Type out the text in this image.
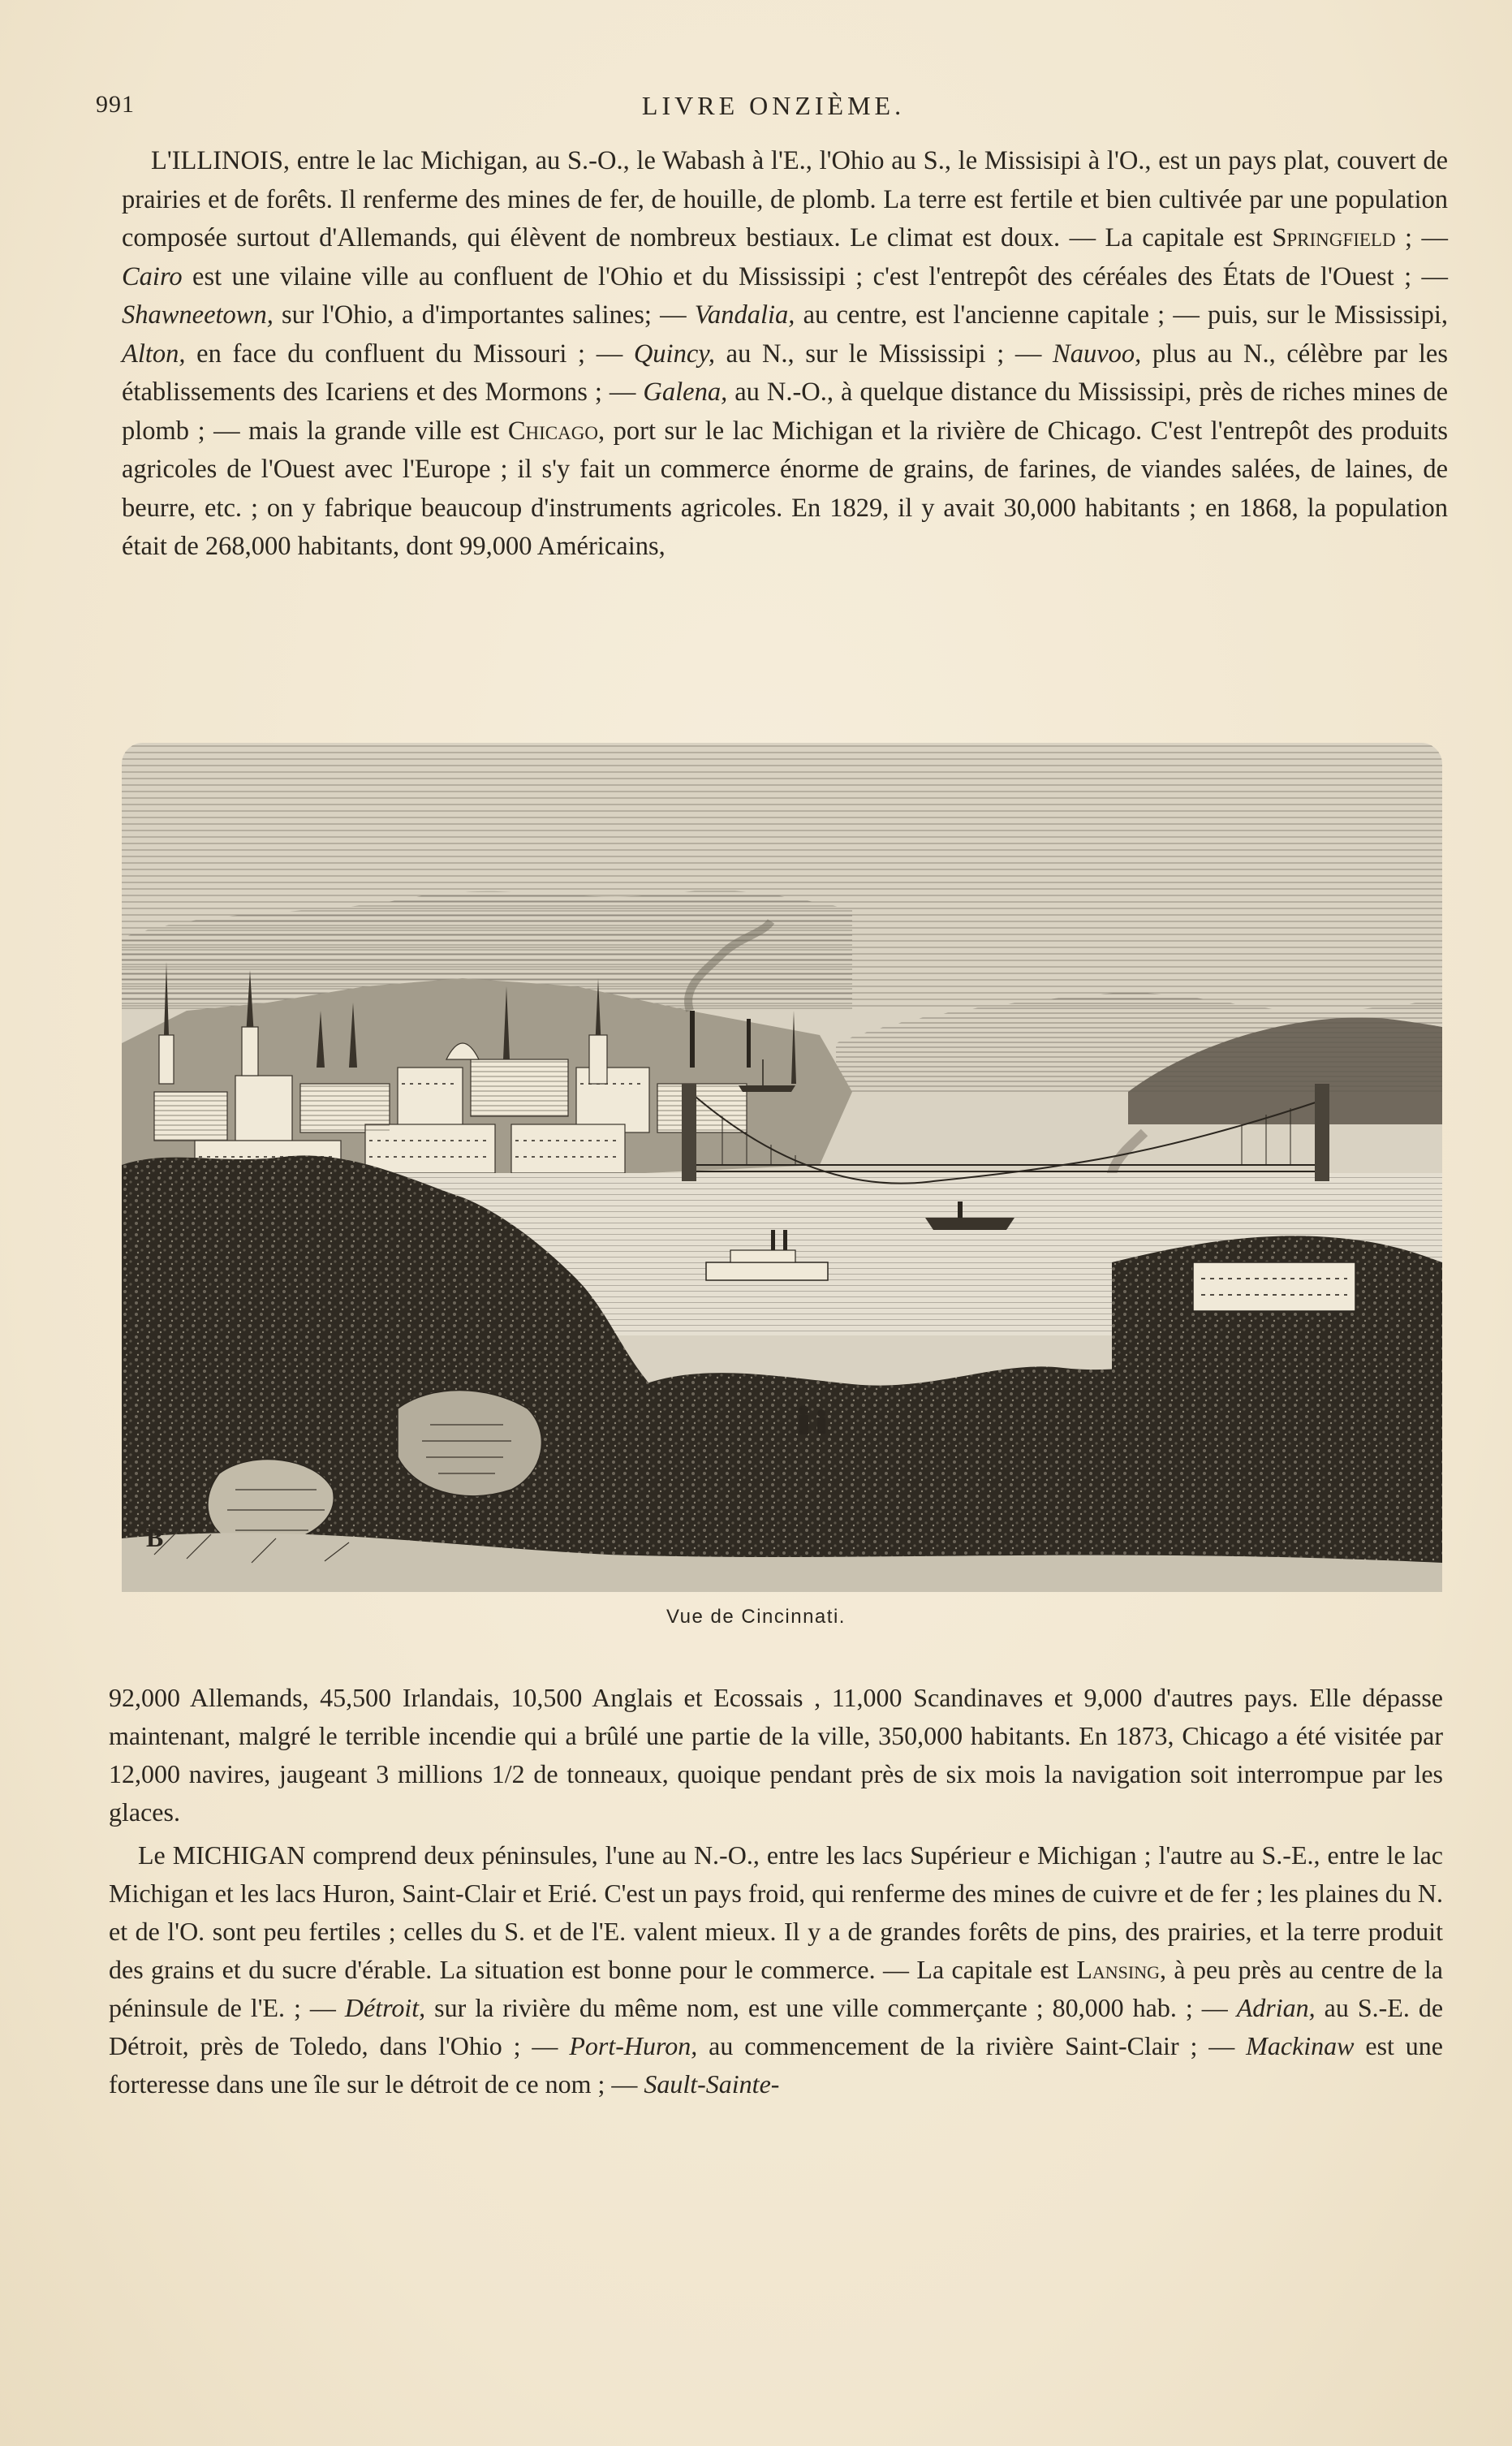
991	LIVRE ONZIÈME.

L'ILLINOIS, entre le lac Michigan, au S.-O., le Wabash à l'E., l'Ohio au S., le Missisipi à l'O., est un pays plat, couvert de prairies et de forêts. Il renferme des mines de fer, de houille, de plomb. La terre est fertile et bien cultivée par une population composée surtout d'Allemands, qui élèvent de nombreux bestiaux. Le climat est doux. — La capitale est Springfield ; — Cairo est une vilaine ville au confluent de l'Ohio et du Mississipi ; c'est l'entrepôt des céréales des États de l'Ouest ; — Shawneetown, sur l'Ohio, a d'importantes salines; — Vandalia, au centre, est l'ancienne capitale ; — puis, sur le Mississipi, Alton, en face du confluent du Missouri ; — Quincy, au N., sur le Mississipi ; — Nauvoo, plus au N., célèbre par les établissements des Icariens et des Mormons ; — Galena, au N.-O., à quelque distance du Mississipi, près de riches mines de plomb ; — mais la grande ville est Chicago, port sur le lac Michigan et la rivière de Chicago. C'est l'entrepôt des produits agricoles de l'Ouest avec l'Europe ; il s'y fait un commerce énorme de grains, de farines, de viandes salées, de laines, de beurre, etc. ; on y fabrique beaucoup d'instruments agricoles. En 1829, il y avait 30,000 habitants ; en 1868, la population était de 268,000 habitants, dont 99,000 Américains,

B
Vue de Cincinnati.

92,000 Allemands, 45,500 Irlandais, 10,500 Anglais et Ecossais , 11,000 Scandinaves et 9,000 d'autres pays. Elle dépasse maintenant, malgré le terrible incendie qui a brûlé une partie de la ville, 350,000 habitants. En 1873, Chicago a été visitée par 12,000 navires, jaugeant 3 millions 1/2 de tonneaux, quoique pendant près de six mois la navigation soit interrompue par les glaces.

Le MICHIGAN comprend deux péninsules, l'une au N.-O., entre les lacs Supérieur e Michigan ; l'autre au S.-E., entre le lac Michigan et les lacs Huron, Saint-Clair et Erié. C'est un pays froid, qui renferme des mines de cuivre et de fer ; les plaines du N. et de l'O. sont peu fertiles ; celles du S. et de l'E. valent mieux. Il y a de grandes forêts de pins, des prairies, et la terre produit des grains et du sucre d'érable. La situation est bonne pour le commerce. — La capitale est Lansing, à peu près au centre de la péninsule de l'E. ; — Détroit, sur la rivière du même nom, est une ville commerçante ; 80,000 hab. ; — Adrian, au S.-E. de Détroit, près de Toledo, dans l'Ohio ; — Port-Huron, au commencement de la rivière Saint-Clair ; — Mackinaw est une forteresse dans une île sur le détroit de ce nom ; — Sault-Sainte-
